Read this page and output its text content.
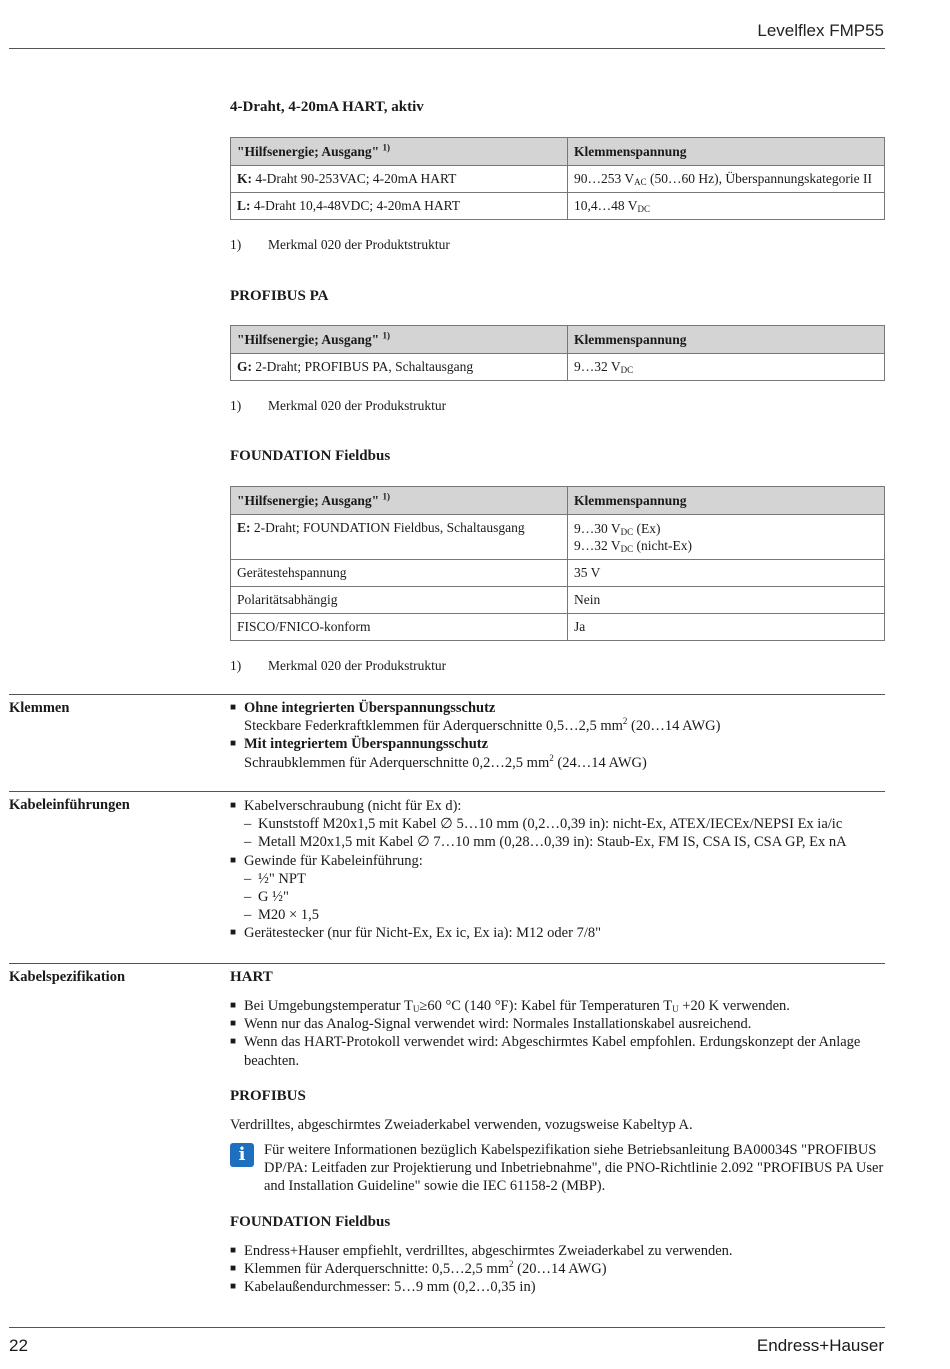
Levelflex FMP55
4-Draht, 4-20mA HART, aktiv
"Hilfsenergie; Ausgang" $^{1)}$	Klemmenspannung
K: 4-Draht 90-253VAC; 4-20mA HART	90…253 $V_{AC}$ (50…60 Hz), Überspannungskategorie II
L: 4-Draht 10,4-48VDC; 4-20mA HART	10,4…48 $V_{DC}$
1) Merkmal 020 der Produktstruktur
PROFIBUS PA
"Hilfsenergie; Ausgang" $^{1)}$	Klemmenspannung
G: 2-Draht; PROFIBUS PA, Schaltausgang	9…32 $V_{DC}$
1) Merkmal 020 der Produkstruktur
FOUNDATION Fieldbus
"Hilfsenergie; Ausgang" $^{1)}$	Klemmenspannung
E: 2-Draht; FOUNDATION Fieldbus, Schaltausgang	9…30 $V_{DC}$ (Ex)
9…32 $V_{DC}$ (nicht-Ex)

Gerätestehspannung	35 V
Polaritätsabhängig	Nein
FISCO/FNICO-konform	Ja
1) Merkmal 020 der Produkstruktur
Klemmen	■ Ohne integrierten Überspannungsschutz
Steckbare Federkraftklemmen für Aderquerschnitte 0,5…2,5 $mm^2$ (20…14 AWG)
■ Mit integriertem Überspannungsschutz
Schraubklemmen für Aderquerschnitte 0,2…2,5 $mm^2$ (24…14 AWG)
Kabeleinführungen	■ Kabelverschraubung (nicht für Ex d):
– Kunststoff M20x1,5 mit Kabel ∅ 5…10 mm (0,2…0,39 in): nicht-Ex, ATEX/IECEx/NEPSI Ex ia/ic
– Metall M20x1,5 mit Kabel ∅ 7…10 mm (0,28…0,39 in): Staub-Ex, FM IS, CSA IS, CSA GP, Ex nA
■ Gewinde für Kabeleinführung:
– ½" NPT
– G ½"
– M20 × 1,5
■ Gerätestecker (nur für Nicht-Ex, Ex ic, Ex ia): M12 oder 7/8"
Kabelspezifikation	HART
■ Bei Umgebungstemperatur $T_U\ge 60$ °C (140 °F): Kabel für Temperaturen $T_U +20$ K verwenden.
■ Wenn nur das Analog-Signal verwendet wird: Normales Installationskabel ausreichend.
■ Wenn das HART-Protokoll verwendet wird: Abgeschirmtes Kabel empfohlen. Erdungskonzept der Anlage beachten.
PROFIBUS
Verdrilltes, abgeschirmtes Zweiaderkabel verwenden, vozugsweise Kabeltyp A.
i	Für weitere Informationen bezüglich Kabelspezifikation siehe Betriebsanleitung BA00034S "PROFIBUS DP/PA: Leitfaden zur Projektierung und Inbetriebnahme", die PNO-Richtlinie 2.092 "PROFIBUS PA User and Installation Guideline" sowie die IEC 61158-2 (MBP).
FOUNDATION Fieldbus
■ Endress+Hauser empfiehlt, verdrilltes, abgeschirmtes Zweiaderkabel zu verwenden.
■ Klemmen für Aderquerschnitte: 0,5…2,5 $mm^2$ (20…14 AWG)
■ Kabelaußendurchmesser: 5…9 mm (0,2…0,35 in)
22	Endress+Hauser
